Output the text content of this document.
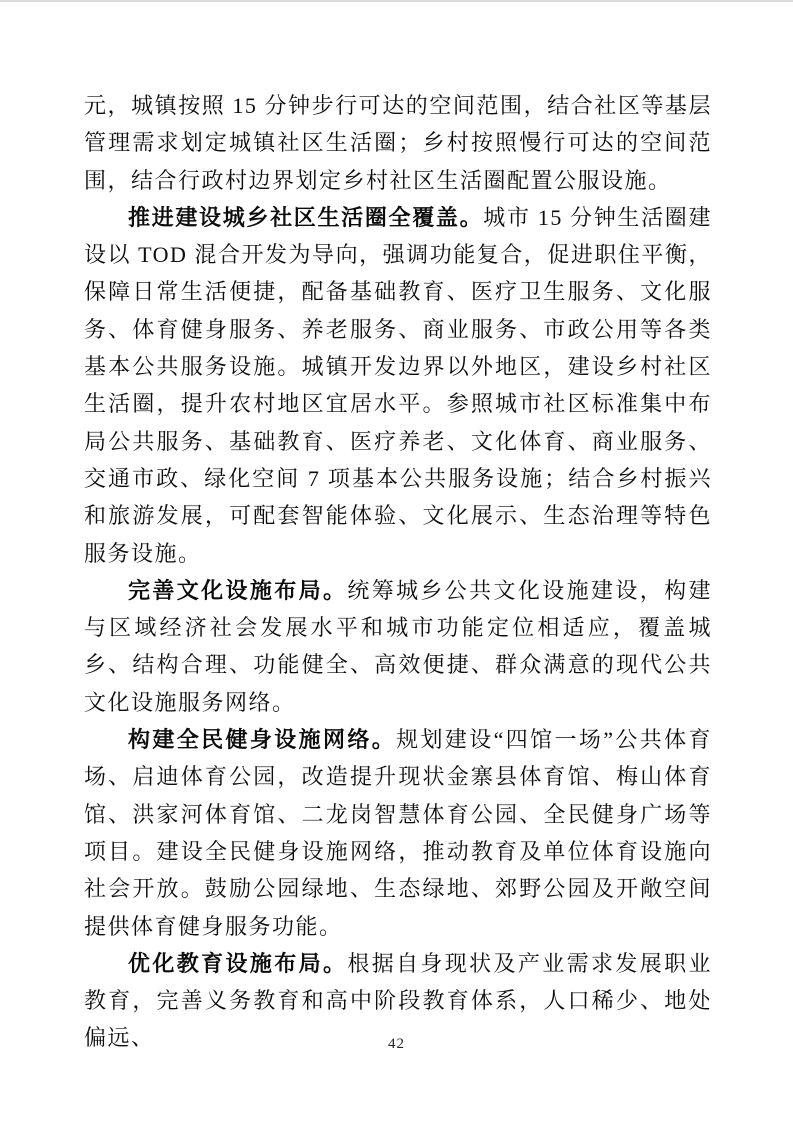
元，城镇按照 15 分钟步行可达的空间范围，结合社区等基层管理需求划定城镇社区生活圈；乡村按照慢行可达的空间范围，结合行政村边界划定乡村社区生活圈配置公服设施。

推进建设城乡社区生活圈全覆盖。城市 15 分钟生活圈建设以 TOD 混合开发为导向，强调功能复合，促进职住平衡，保障日常生活便捷，配备基础教育、医疗卫生服务、文化服务、体育健身服务、养老服务、商业服务、市政公用等各类基本公共服务设施。城镇开发边界以外地区，建设乡村社区生活圈，提升农村地区宜居水平。参照城市社区标准集中布局公共服务、基础教育、医疗养老、文化体育、商业服务、交通市政、绿化空间 7 项基本公共服务设施；结合乡村振兴和旅游发展，可配套智能体验、文化展示、生态治理等特色服务设施。

完善文化设施布局。统筹城乡公共文化设施建设，构建与区域经济社会发展水平和城市功能定位相适应，覆盖城乡、结构合理、功能健全、高效便捷、群众满意的现代公共文化设施服务网络。

构建全民健身设施网络。规划建设“四馆一场”公共体育场、启迪体育公园，改造提升现状金寨县体育馆、梅山体育馆、洪家河体育馆、二龙岗智慧体育公园、全民健身广场等项目。建设全民健身设施网络，推动教育及单位体育设施向社会开放。鼓励公园绿地、生态绿地、郊野公园及开敞空间提供体育健身服务功能。

优化教育设施布局。根据自身现状及产业需求发展职业教育，完善义务教育和高中阶段教育体系，人口稀少、地处偏远、	42
